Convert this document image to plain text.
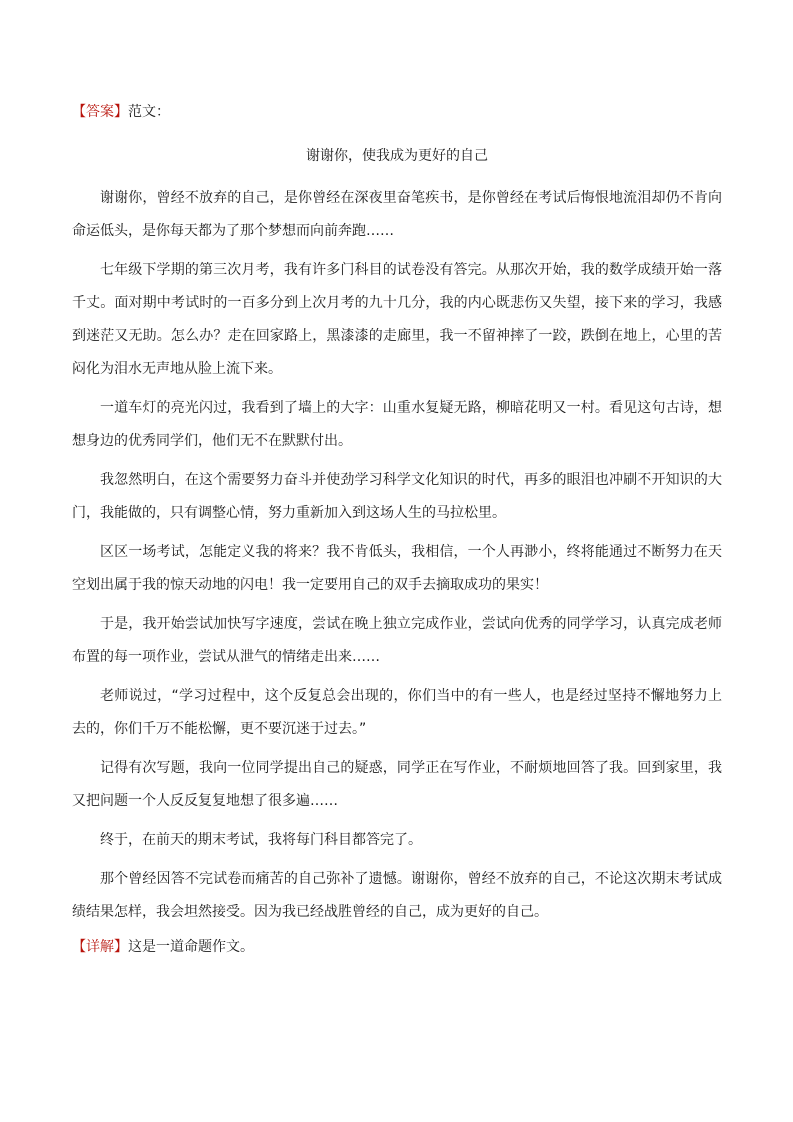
【答案】范文：
谢谢你，使我成为更好的自己

谢谢你，曾经不放弃的自己，是你曾经在深夜里奋笔疾书，是你曾经在考试后悔恨地流泪却仍不肯向命运低头，是你每天都为了那个梦想而向前奔跑……

七年级下学期的第三次月考，我有许多门科目的试卷没有答完。从那次开始，我的数学成绩开始一落千丈。面对期中考试时的一百多分到上次月考的九十几分，我的内心既悲伤又失望，接下来的学习，我感到迷茫又无助。怎么办？走在回家路上，黑漆漆的走廊里，我一不留神摔了一跤，跌倒在地上，心里的苦闷化为泪水无声地从脸上流下来。

一道车灯的亮光闪过，我看到了墙上的大字：山重水复疑无路，柳暗花明又一村。看见这句古诗，想想身边的优秀同学们，他们无不在默默付出。

我忽然明白，在这个需要努力奋斗并使劲学习科学文化知识的时代，再多的眼泪也冲刷不开知识的大门，我能做的，只有调整心情，努力重新加入到这场人生的马拉松里。

区区一场考试，怎能定义我的将来？我不肯低头，我相信，一个人再渺小，终将能通过不断努力在天空划出属于我的惊天动地的闪电！我一定要用自己的双手去摘取成功的果实！

于是，我开始尝试加快写字速度，尝试在晚上独立完成作业，尝试向优秀的同学学习，认真完成老师布置的每一项作业，尝试从泄气的情绪走出来……

老师说过，“学习过程中，这个反复总会出现的，你们当中的有一些人，也是经过坚持不懈地努力上去的，你们千万不能松懈，更不要沉迷于过去。”

记得有次写题，我向一位同学提出自己的疑惑，同学正在写作业，不耐烦地回答了我。回到家里，我又把问题一个人反反复复地想了很多遍……

终于，在前天的期末考试，我将每门科目都答完了。

那个曾经因答不完试卷而痛苦的自己弥补了遗憾。谢谢你，曾经不放弃的自己，不论这次期末考试成绩结果怎样，我会坦然接受。因为我已经战胜曾经的自己，成为更好的自己。

【详解】这是一道命题作文。
